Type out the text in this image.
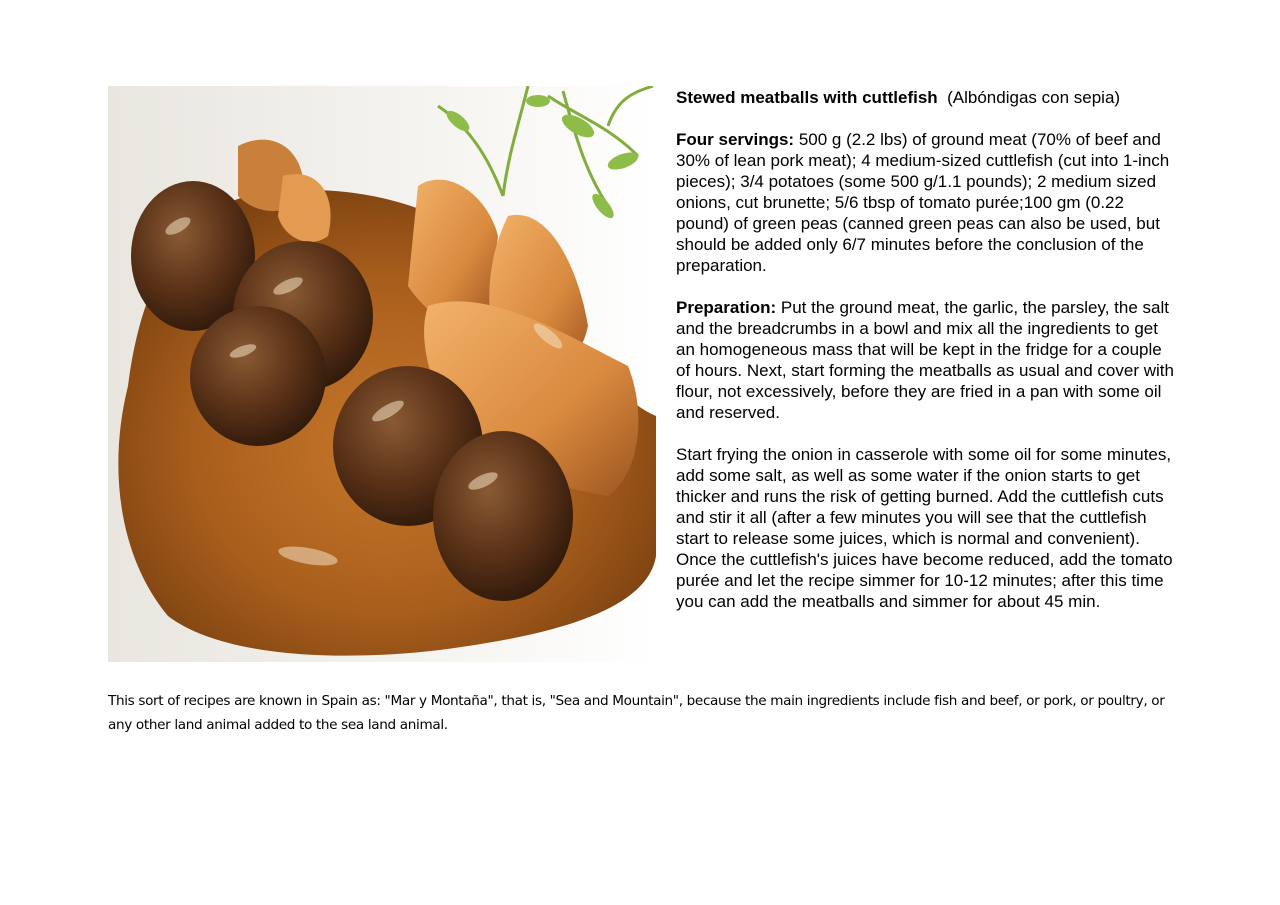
Stewed meatballs with cuttlefish (Albóndigas con sepia)

Four servings: 500 g (2.2 lbs) of ground meat (70% of beef and 30% of lean pork meat); 4 medium-sized cuttlefish (cut into 1-inch pieces); 3/4 potatoes (some 500 g/1.1 pounds); 2 medium sized onions, cut brunette; 5/6 tbsp of tomato purée;100 gm (0.22 pound) of green peas (canned green peas can also be used, but should be added only 6/7 minutes before the conclusion of the preparation.

Preparation: Put the ground meat, the garlic, the parsley, the salt and the breadcrumbs in a bowl and mix all the ingredients to get an homogeneous mass that will be kept in the fridge for a couple of hours. Next, start forming the meatballs as usual and cover with flour, not excessively, before they are fried in a pan with some oil and reserved.

Start frying the onion in casserole with some oil for some minutes, add some salt, as well as some water if the onion starts to get thicker and runs the risk of getting burned. Add the cuttlefish cuts and stir it all (after a few minutes you will see that the cuttlefish start to release some juices, which is normal and convenient). Once the cuttlefish's juices have become reduced, add the tomato purée and let the recipe simmer for 10-12 minutes; after this time you can add the meatballs and simmer for about 45 min.

This sort of recipes are known in Spain as: "Mar y Montaña", that is, "Sea and Mountain", because the main ingredients include fish and beef, or pork, or poultry, or any other land animal added to the sea land animal.
